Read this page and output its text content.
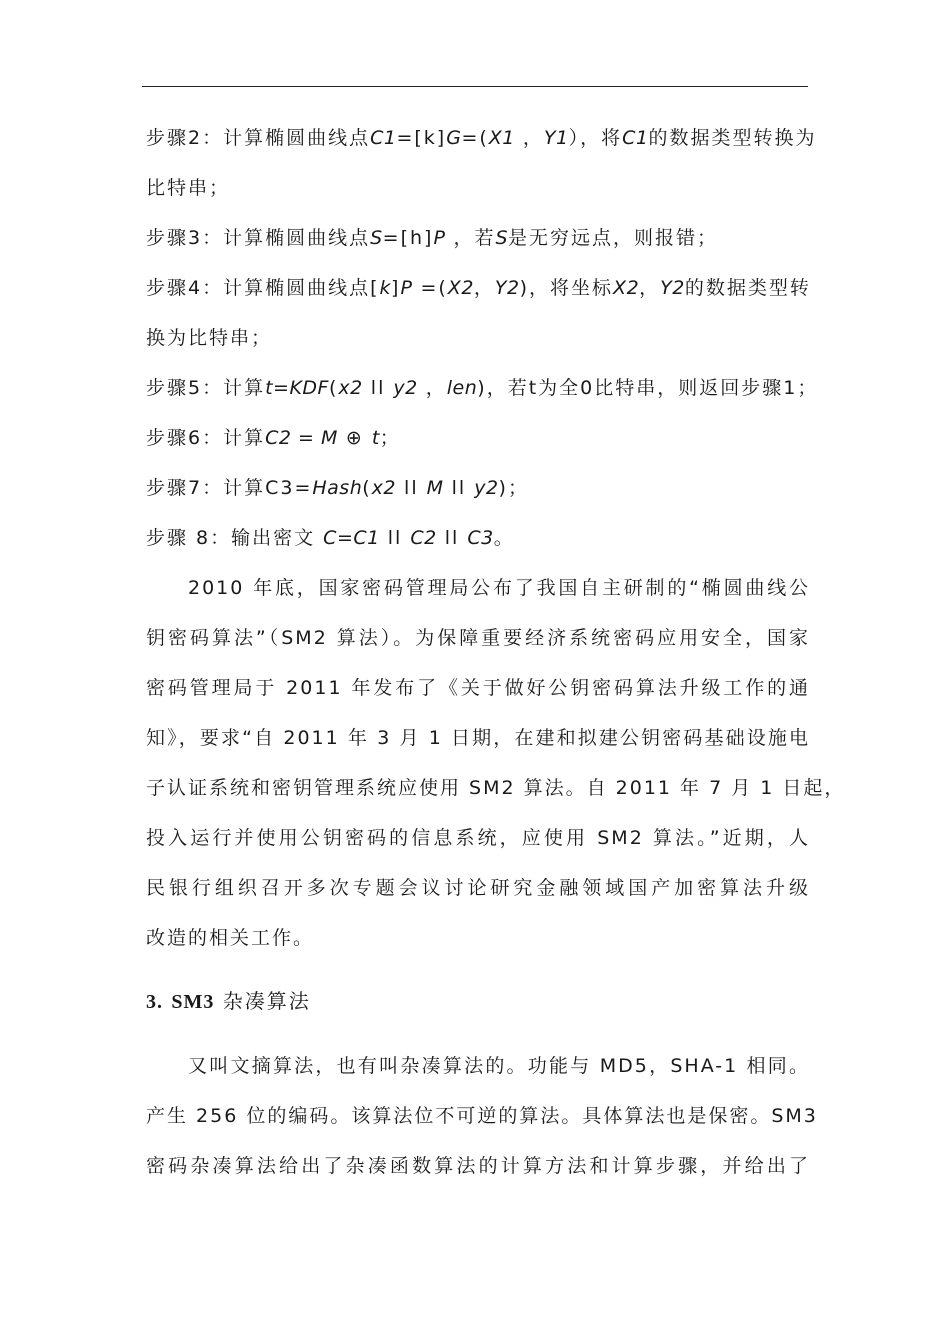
步骤2：计算椭圆曲线点C1=[k]G=(X1 ，Y1），将C1的数据类型转换为
比特串；
步骤3：计算椭圆曲线点S=[h]P ，若S是无穷远点，则报错；
步骤4：计算椭圆曲线点[k]P =(X2，Y2)，将坐标X2，Y2的数据类型转
换为比特串；
步骤5：计算t=KDF(x2 ll y2 ，len)，若t为全0比特串，则返回步骤1；
步骤6：计算C2 = M ⊕ t；
步骤7：计算C3=Hash(x2 ll M ll y2)；
步骤 8：输出密文 C=C1 ll C2 ll C3。
2010 年底，国家密码管理局公布了我国自主研制的“椭圆曲线公
钥密码算法”（SM2 算法）。为保障重要经济系统密码应用安全，国家
密码管理局于 2011 年发布了《关于做好公钥密码算法升级工作的通
知》，要求“自 2011 年 3 月 1 日期，在建和拟建公钥密码基础设施电
子认证系统和密钥管理系统应使用 SM2 算法。自 2011 年 7 月 1 日起，
投入运行并使用公钥密码的信息系统，应使用 SM2 算法。”近期，人
民银行组织召开多次专题会议讨论研究金融领域国产加密算法升级
改造的相关工作。
3. SM3 杂凑算法
又叫文摘算法，也有叫杂凑算法的。功能与 MD5，SHA-1 相同。
产生 256 位的编码。该算法位不可逆的算法。具体算法也是保密。SM3
密码杂凑算法给出了杂凑函数算法的计算方法和计算步骤，并给出了
